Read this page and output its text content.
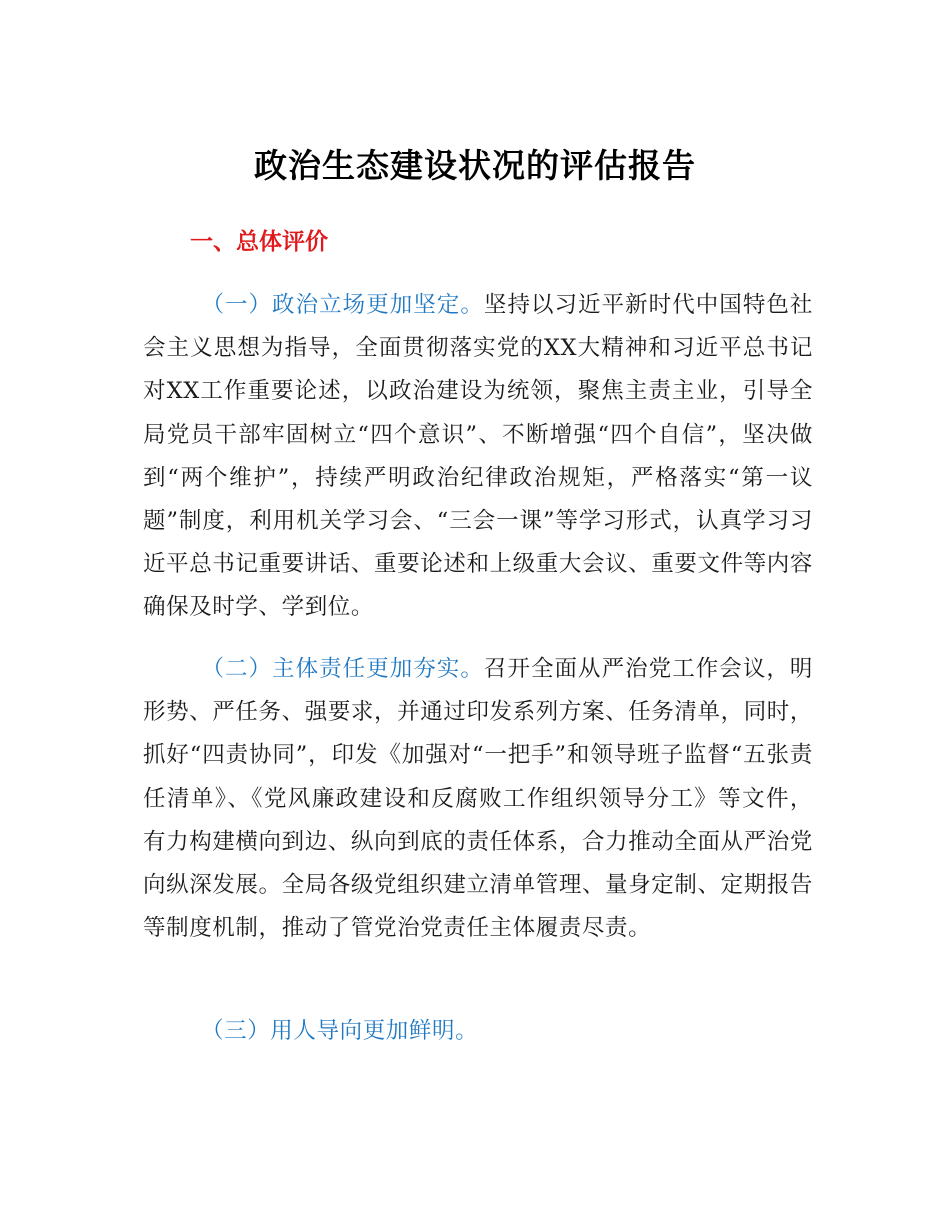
政治生态建设状况的评估报告
一、总体评价
（一）政治立场更加坚定。坚持以习近平新时代中国特色社会主义思想为指导，全面贯彻落实党的XX大精神和习近平总书记对XX工作重要论述，以政治建设为统领，聚焦主责主业，引导全局党员干部牢固树立“四个意识”、不断增强“四个自信”，坚决做到“两个维护”，持续严明政治纪律政治规矩，严格落实“第一议题”制度，利用机关学习会、“三会一课”等学习形式，认真学习习近平总书记重要讲话、重要论述和上级重大会议、重要文件等内容确保及时学、学到位。
（二）主体责任更加夯实。召开全面从严治党工作会议，明形势、严任务、强要求，并通过印发系列方案、任务清单，同时，抓好“四责协同”，印发《加强对“一把手”和领导班子监督“五张责任清单》、《党风廉政建设和反腐败工作组织领导分工》等文件，有力构建横向到边、纵向到底的责任体系，合力推动全面从严治党向纵深发展。全局各级党组织建立清单管理、量身定制、定期报告等制度机制，推动了管党治党责任主体履责尽责。
（三）用人导向更加鲜明。
